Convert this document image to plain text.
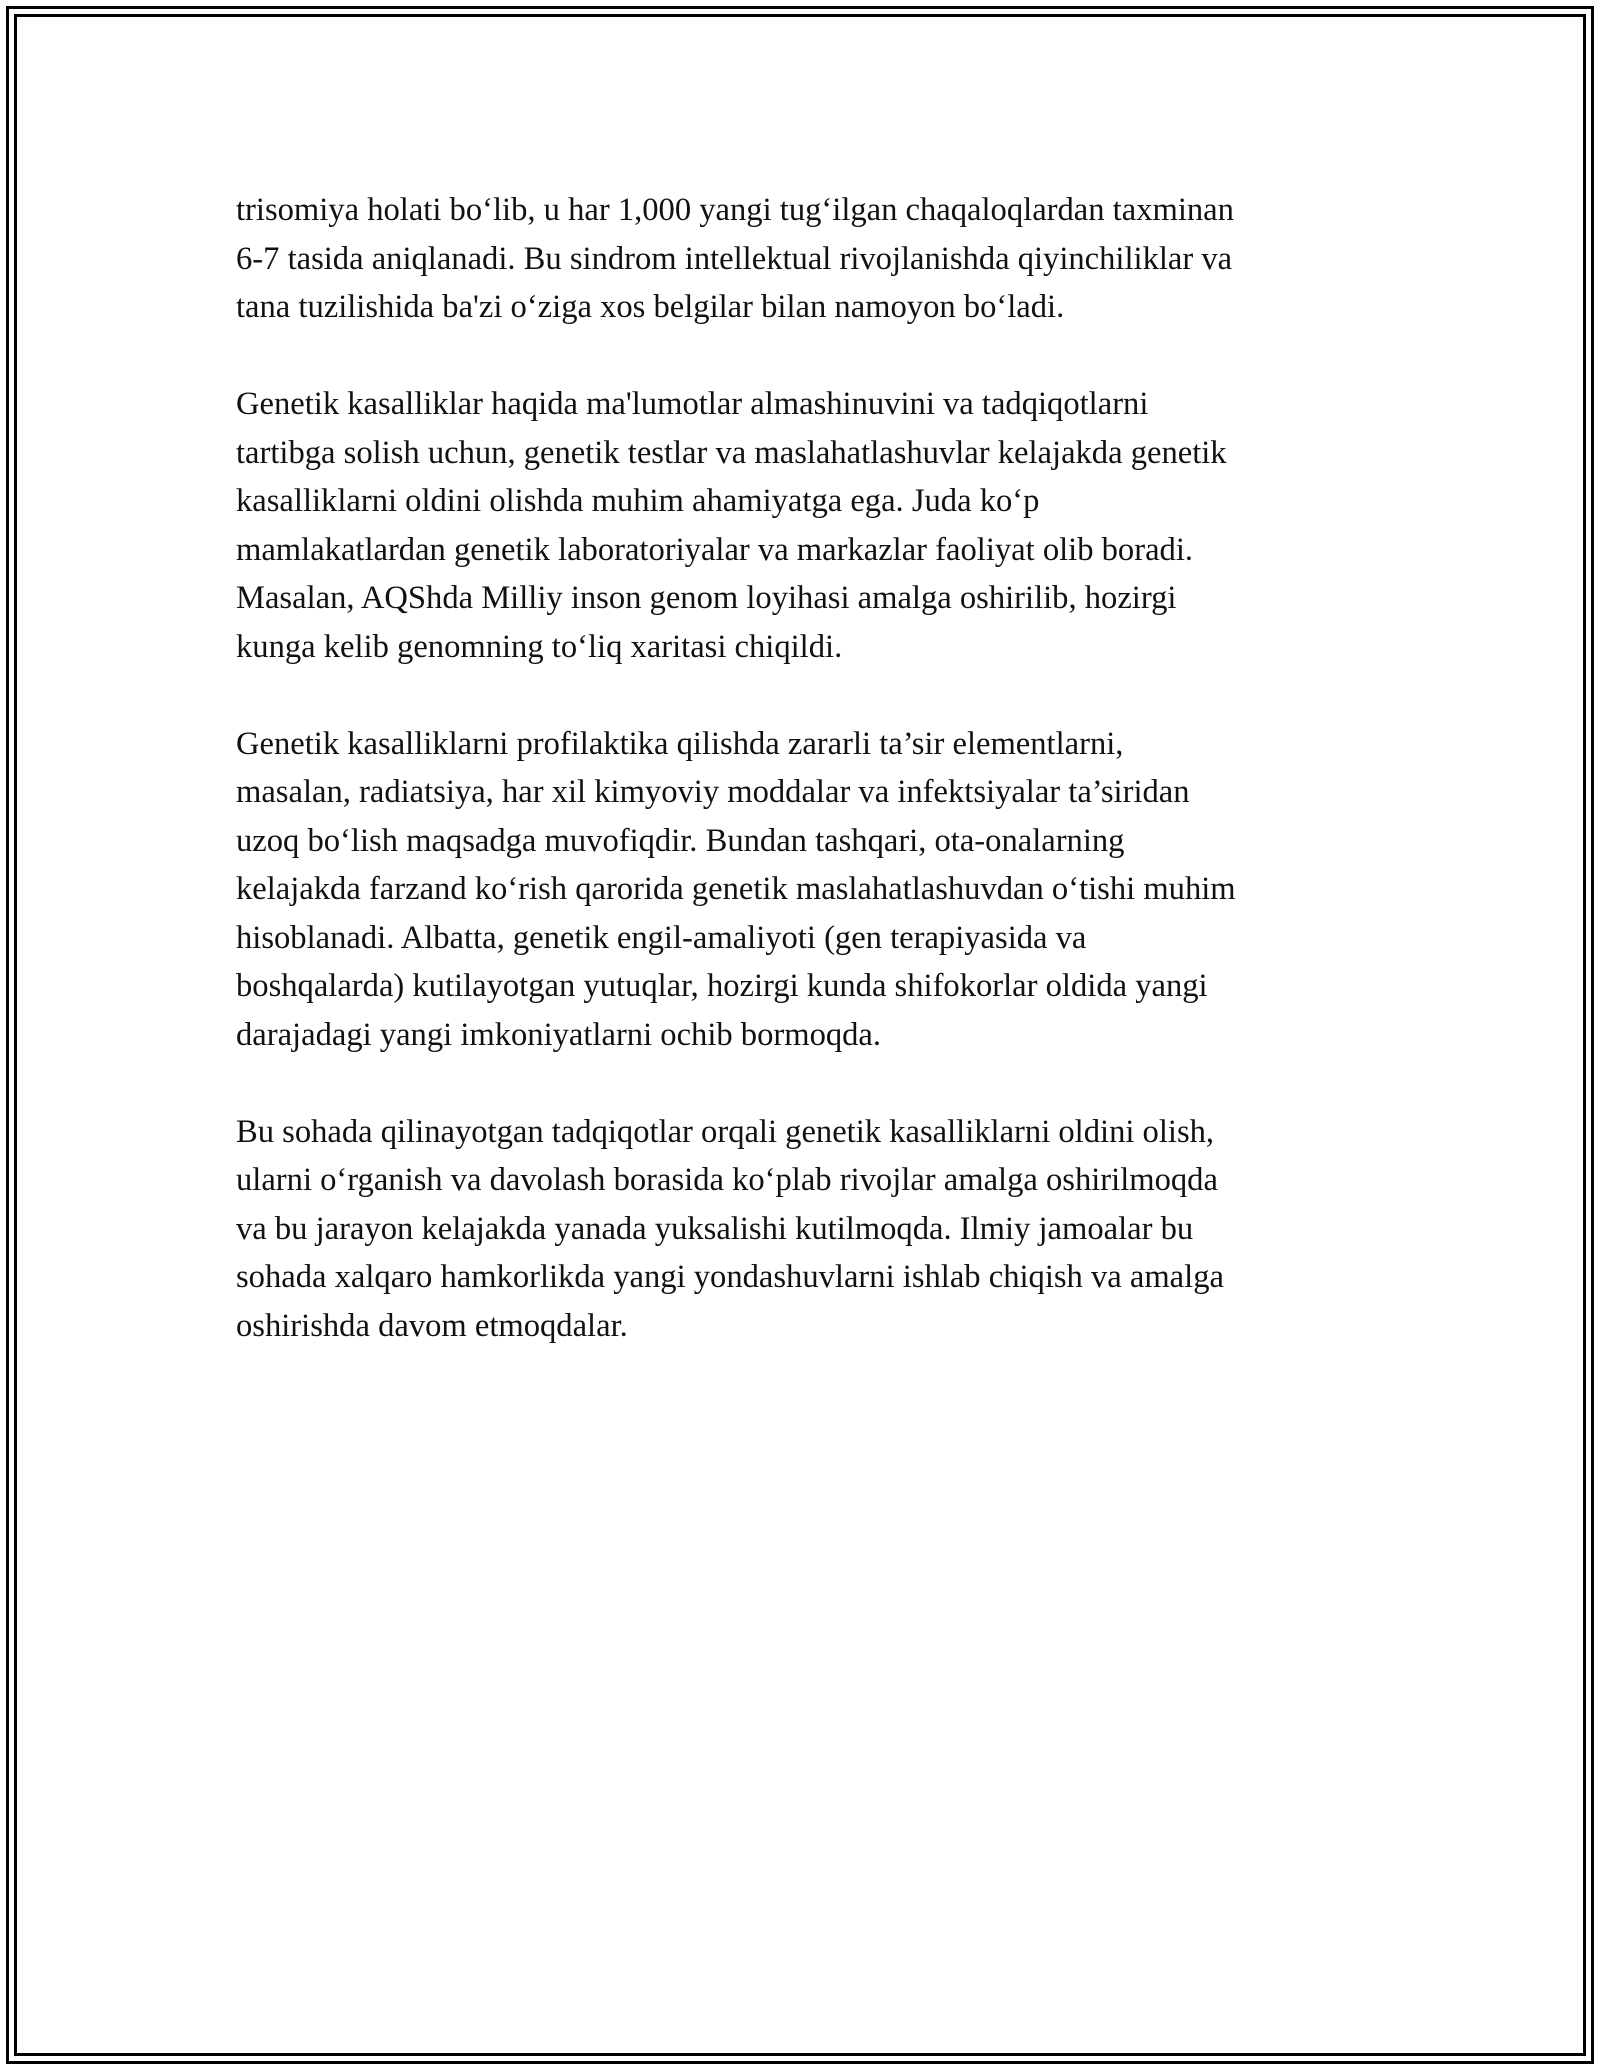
trisomiya holati bo‘lib, u har 1,000 yangi tug‘ilgan chaqaloqlardan taxminan
6-7 tasida aniqlanadi. Bu sindrom intellektual rivojlanishda qiyinchiliklar va
tana tuzilishida ba'zi o‘ziga xos belgilar bilan namoyon bo‘ladi.

Genetik kasalliklar haqida ma'lumotlar almashinuvini va tadqiqotlarni
tartibga solish uchun, genetik testlar va maslahatlashuvlar kelajakda genetik
kasalliklarni oldini olishda muhim ahamiyatga ega. Juda ko‘p
mamlakatlardan genetik laboratoriyalar va markazlar faoliyat olib boradi.
Masalan, AQShda Milliy inson genom loyihasi amalga oshirilib, hozirgi
kunga kelib genomning to‘liq xaritasi chiqildi.

Genetik kasalliklarni profilaktika qilishda zararli ta’sir elementlarni,
masalan, radiatsiya, har xil kimyoviy moddalar va infektsiyalar ta’siridan
uzoq bo‘lish maqsadga muvofiqdir. Bundan tashqari, ota-onalarning
kelajakda farzand ko‘rish qarorida genetik maslahatlashuvdan o‘tishi muhim
hisoblanadi. Albatta, genetik engil-amaliyoti (gen terapiyasida va
boshqalarda) kutilayotgan yutuqlar, hozirgi kunda shifokorlar oldida yangi
darajadagi yangi imkoniyatlarni ochib bormoqda.

Bu sohada qilinayotgan tadqiqotlar orqali genetik kasalliklarni oldini olish,
ularni o‘rganish va davolash borasida ko‘plab rivojlar amalga oshirilmoqda
va bu jarayon kelajakda yanada yuksalishi kutilmoqda. Ilmiy jamoalar bu
sohada xalqaro hamkorlikda yangi yondashuvlarni ishlab chiqish va amalga
oshirishda davom etmoqdalar.
